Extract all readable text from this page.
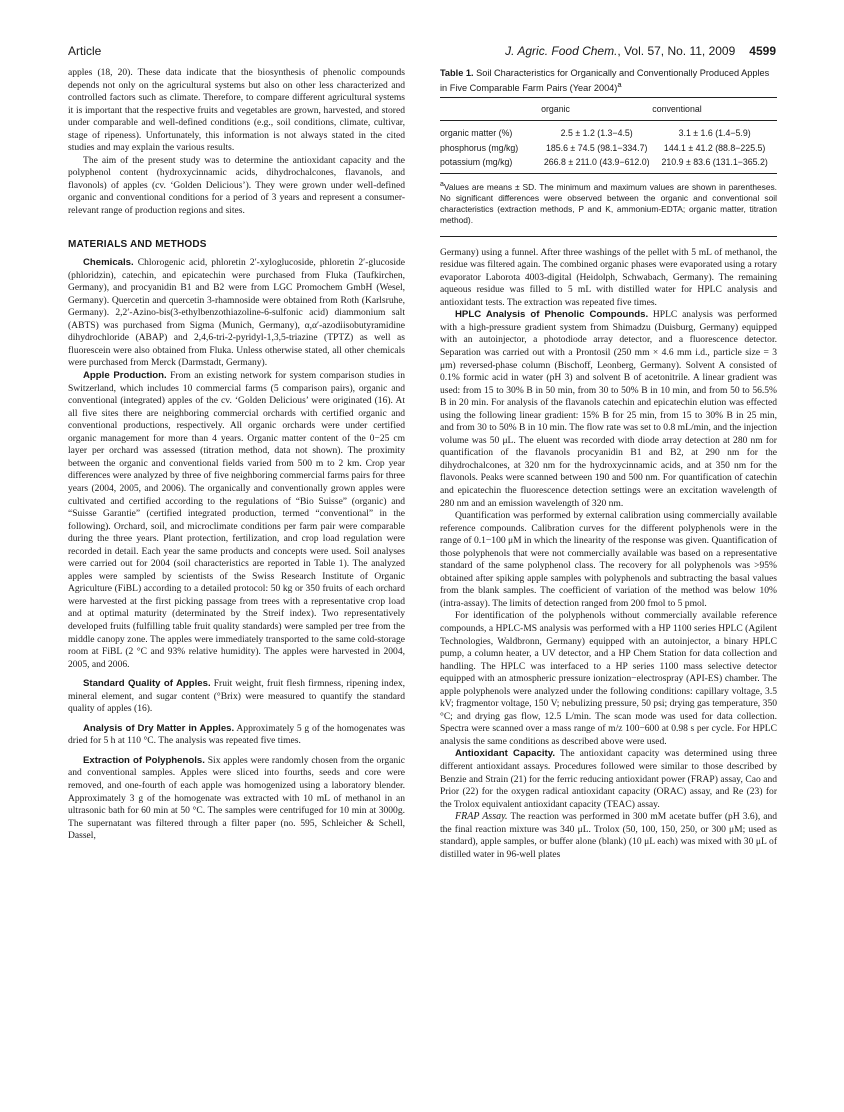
Article	J. Agric. Food Chem., Vol. 57, No. 11, 2009 4599

apples (18, 20). These data indicate that the biosynthesis of phenolic compounds depends not only on the agricultural systems but also on other less characterized and controlled factors such as climate. Therefore, to compare different agricultural systems it is important that the respective fruits and vegetables are grown, harvested, and stored under comparable and well-defined conditions (e.g., soil conditions, climate, cultivar, stage of ripeness). Unfortunately, this information is not always stated in the cited studies and may explain the various results.

The aim of the present study was to determine the antioxidant capacity and the polyphenol content (hydroxycinnamic acids, dihydrochalcones, flavanols, and flavonols) of apples (cv. ‘Golden Delicious’). They were grown under well-defined organic and conventional conditions for a period of 3 years and represent a consumer-relevant range of production regions and sites.

MATERIALS AND METHODS

Chemicals. Chlorogenic acid, phloretin 2′-xyloglucoside, phloretin 2′-glucoside (phloridzin), catechin, and epicatechin were purchased from Fluka (Taufkirchen, Germany), and procyanidin B1 and B2 were from LGC Promochem GmbH (Wesel, Germany). Quercetin and quercetin 3-rhamnoside were obtained from Roth (Karlsruhe, Germany). 2,2′-Azino-bis(3-ethylbenzothiazoline-6-sulfonic acid) diammonium salt (ABTS) was purchased from Sigma (Munich, Germany), α,α′-azodiisobutyramidine dihydrochloride (ABAP) and 2,4,6-tri-2-pyridyl-1,3,5-triazine (TPTZ) as well as fluorescein were also obtained from Fluka. Unless otherwise stated, all other chemicals were purchased from Merck (Darmstadt, Germany).

Apple Production. From an existing network for system comparison studies in Switzerland, which includes 10 commercial farms (5 comparison pairs), organic and conventional (integrated) apples of the cv. ‘Golden Delicious’ were originated (16). At all five sites there are neighboring commercial orchards with certified organic and conventional productions, respectively. All organic orchards were under certified organic management for more than 4 years. Organic matter content of the 0−25 cm layer per orchard was assessed (titration method, data not shown). The proximity between the organic and conventional fields varied from 500 m to 2 km. Crop year differences were analyzed by three of five neighboring commercial farms pairs for three years (2004, 2005, and 2006). The organically and conventionally grown apples were cultivated and certified according to the regulations of “Bio Suisse” (organic) and “Suisse Garantie” (certified integrated production, termed “conventional” in the following). Orchard, soil, and microclimate conditions per farm pair were comparable during the three years. Plant protection, fertilization, and crop load regulation were recorded in detail. Each year the same products and concepts were used. Soil analyses were carried out for 2004 (soil characteristics are reported in Table 1). The analyzed apples were sampled by scientists of the Swiss Research Institute of Organic Agriculture (FiBL) according to a detailed protocol: 50 kg or 350 fruits of each orchard were harvested at the first picking passage from trees with a representative crop load and at optimal maturity (determinated by the Streif index). Two representatively developed fruits (fulfilling table fruit quality standards) were sampled per tree from the middle canopy zone. The apples were immediately transported to the same cold-storage room at FiBL (2 °C and 93% relative humidity). The apples were harvested in 2004, 2005, and 2006.

Standard Quality of Apples. Fruit weight, fruit flesh firmness, ripening index, mineral element, and sugar content (°Brix) were measured to quantify the standard quality of apples (16).

Analysis of Dry Matter in Apples. Approximately 5 g of the homogenates was dried for 5 h at 110 °C. The analysis was repeated five times.

Extraction of Polyphenols. Six apples were randomly chosen from the organic and conventional samples. Apples were sliced into fourths, seeds and core were removed, and one-fourth of each apple was homogenized using a laboratory blender. Approximately 3 g of the homogenate was extracted with 10 mL of methanol in an ultrasonic bath for 60 min at 50 °C. The samples were centrifuged for 10 min at 3000g. The supernatant was filtered through a filter paper (no. 595, Schleicher & Schell, Dassel,

Table 1. Soil Characteristics for Organically and Conventionally Produced Apples in Five Comparable Farm Pairs (Year 2004)$^a$
	organic	conventional
organic matter (%)	2.5 ± 1.2 (1.3−4.5)	3.1 ± 1.6 (1.4−5.9)
phosphorus (mg/kg)	185.6 ± 74.5 (98.1−334.7)	144.1 ± 41.2 (88.8−225.5)
potassium (mg/kg)	266.8 ± 211.0 (43.9−612.0)	210.9 ± 83.6 (131.1−365.2)
$^a$Values are means ± SD. The minimum and maximum values are shown in parentheses. No significant differences were observed between the organic and conventional soil characteristics (extraction methods, P and K, ammonium-EDTA; organic matter, titration method).

Germany) using a funnel. After three washings of the pellet with 5 mL of methanol, the residue was filtered again. The combined organic phases were evaporated using a rotary evaporator Laborota 4003-digital (Heidolph, Schwabach, Germany). The remaining aqueous residue was filled to 5 mL with distilled water for HPLC analysis and antioxidant tests. The extraction was repeated five times.

HPLC Analysis of Phenolic Compounds. HPLC analysis was performed with a high-pressure gradient system from Shimadzu (Duisburg, Germany) equipped with an autoinjector, a photodiode array detector, and a fluorescence detector. Separation was carried out with a Prontosil (250 mm × 4.6 mm i.d., particle size = 3 μm) reversed-phase column (Bischoff, Leonberg, Germany). Solvent A consisted of 0.1% formic acid in water (pH 3) and solvent B of acetonitrile. A linear gradient was used: from 15 to 30% B in 50 min, from 30 to 50% B in 10 min, and from 50 to 56.5% B in 20 min. For analysis of the flavanols catechin and epicatechin elution was effected using the following linear gradient: 15% B for 25 min, from 15 to 30% B in 25 min, and from 30 to 50% B in 10 min. The flow rate was set to 0.8 mL/min, and the injection volume was 50 μL. The eluent was recorded with diode array detection at 280 nm for quantification of the flavanols procyanidin B1 and B2, at 290 nm for the dihydrochalcones, at 320 nm for the hydroxycinnamic acids, and at 350 nm for the flavonols. Peaks were scanned between 190 and 500 nm. For quantification of catechin and epicatechin the fluorescence detection settings were an excitation wavelength of 280 nm and an emission wavelength of 320 nm.

Quantification was performed by external calibration using commercially available reference compounds. Calibration curves for the different polyphenols were in the range of 0.1−100 μM in which the linearity of the response was given. Quantification of those polyphenols that were not commercially available was based on a representative standard of the same polyphenol class. The recovery for all polyphenols was >95% obtained after spiking apple samples with polyphenols and subtracting the basal values from the blank samples. The coefficient of variation of the method was below 10% (intra-assay). The limits of detection ranged from 200 fmol to 5 pmol.

For identification of the polyphenols without commercially available reference compounds, a HPLC-MS analysis was performed with a HP 1100 series HPLC (Agilent Technologies, Waldbronn, Germany) equipped with an autoinjector, a binary HPLC pump, a column heater, a UV detector, and a HP Chem Station for data collection and handling. The HPLC was interfaced to a HP series 1100 mass selective detector equipped with an atmospheric pressure ionization−electrospray (API-ES) chamber. The apple polyphenols were analyzed under the following conditions: capillary voltage, 3.5 kV; fragmentor voltage, 150 V; nebulizing pressure, 50 psi; drying gas temperature, 350 °C; and drying gas flow, 12.5 L/min. The scan mode was used for data collection. Spectra were scanned over a mass range of m/z 100−600 at 0.98 s per cycle. For HPLC analysis the same conditions as described above were used.

Antioxidant Capacity. The antioxidant capacity was determined using three different antioxidant assays. Procedures followed were similar to those described by Benzie and Strain (21) for the ferric reducing antioxidant power (FRAP) assay, Cao and Prior (22) for the oxygen radical antioxidant capacity (ORAC) assay, and Re (23) for the Trolox equivalent antioxidant capacity (TEAC) assay.

FRAP Assay. The reaction was performed in 300 mM acetate buffer (pH 3.6), and the final reaction mixture was 340 μL. Trolox (50, 100, 150, 250, or 300 μM; used as standard), apple samples, or buffer alone (blank) (10 μL each) was mixed with 30 μL of distilled water in 96-well plates
